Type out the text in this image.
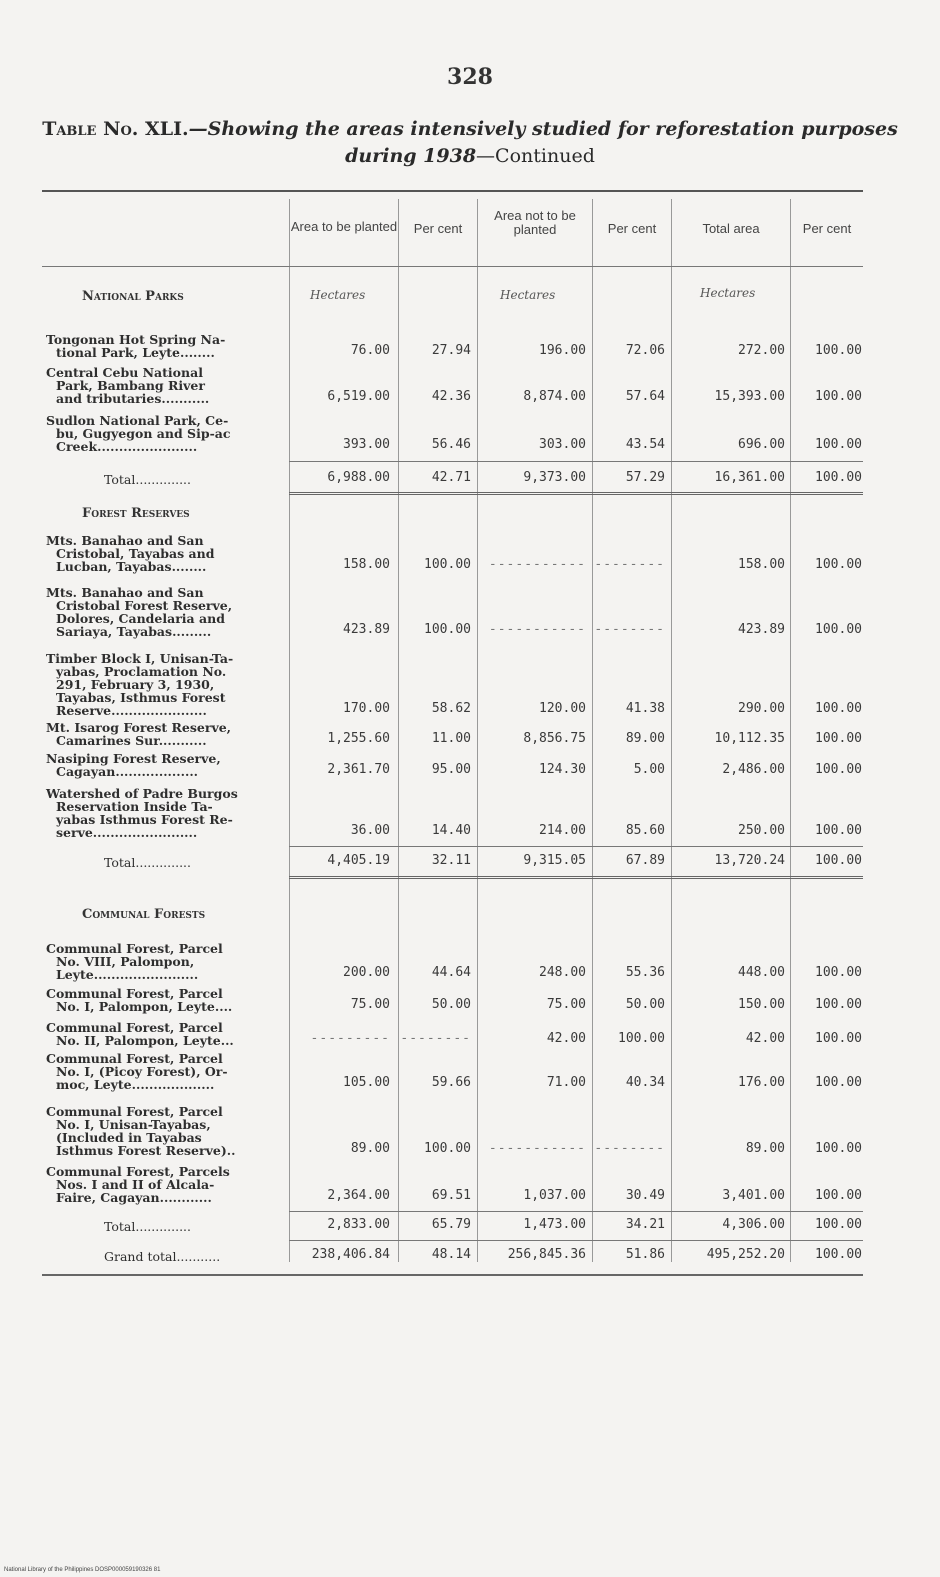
328
Table No. XLI.—Showing the areas intensively studied for reforestation purposes during 1938—Continued
Area to be planted	Per cent
Area not to be planted	Per cent	Total area	Per cent
Hectares	Hectares	Hectares
National Parks
Tongonan Hot Spring Na-
tional Park, Leyte........	76.00	27.94	196.00	72.06	272.00	100.00
Central Cebu National
Park, Bambang River
and tributaries...........	6,519.00	42.36	8,874.00	57.64	15,393.00	100.00
Sudlon National Park, Ce-
bu, Gugyegon and Sip-ac
Creek.......................	393.00	56.46	303.00	43.54	696.00	100.00
Total..............	6,988.00	42.71	9,373.00	57.29	16,361.00	100.00
Forest Reserves
Mts. Banahao and San
Cristobal, Tayabas and
Lucban, Tayabas........	158.00	100.00	----------- --------	158.00	100.00
Mts. Banahao and San
Cristobal Forest Reserve,
Dolores, Candelaria and
Sariaya, Tayabas.........	423.89	100.00	----------- --------	423.89	100.00
Timber Block I, Unisan-Ta-
yabas, Proclamation No.
291, February 3, 1930,
Tayabas, Isthmus Forest
Reserve......................	170.00	58.62	120.00	41.38	290.00	100.00
Mt. Isarog Forest Reserve,
Camarines Sur...........	1,255.60	11.00	8,856.75	89.00	10,112.35	100.00
Nasiping Forest Reserve,
Cagayan...................	2,361.70	95.00	124.30	5.00	2,486.00	100.00
Watershed of Padre Burgos
Reservation Inside Ta-
yabas Isthmus Forest Re-
serve........................	36.00	14.40	214.00	85.60	250.00	100.00
Total..............	4,405.19	32.11	9,315.05	67.89	13,720.24	100.00
Communal Forests
Communal Forest, Parcel
No. VIII, Palompon,
Leyte........................	200.00	44.64	248.00	55.36	448.00	100.00
Communal Forest, Parcel
No. I, Palompon, Leyte....	75.00	50.00	75.00	50.00	150.00	100.00
Communal Forest, Parcel
No. II, Palompon, Leyte...	--------- --------	42.00	100.00	42.00	100.00
Communal Forest, Parcel
No. I, (Picoy Forest), Or-
moc, Leyte...................	105.00	59.66	71.00	40.34	176.00	100.00
Communal Forest, Parcel
No. I, Unisan-Tayabas,
(Included in Tayabas
Isthmus Forest Reserve)..	89.00	100.00	----------- --------	89.00	100.00
Communal Forest, Parcels
Nos. I and II of Alcala-
Faire, Cagayan............	2,364.00	69.51	1,037.00	30.49	3,401.00	100.00
Total..............	2,833.00	65.79	1,473.00	34.21	4,306.00	100.00
Grand total...........	238,406.84	48.14	256,845.36	51.86	495,252.20	100.00
National Library of the Philippines DOSP000059190326 81
